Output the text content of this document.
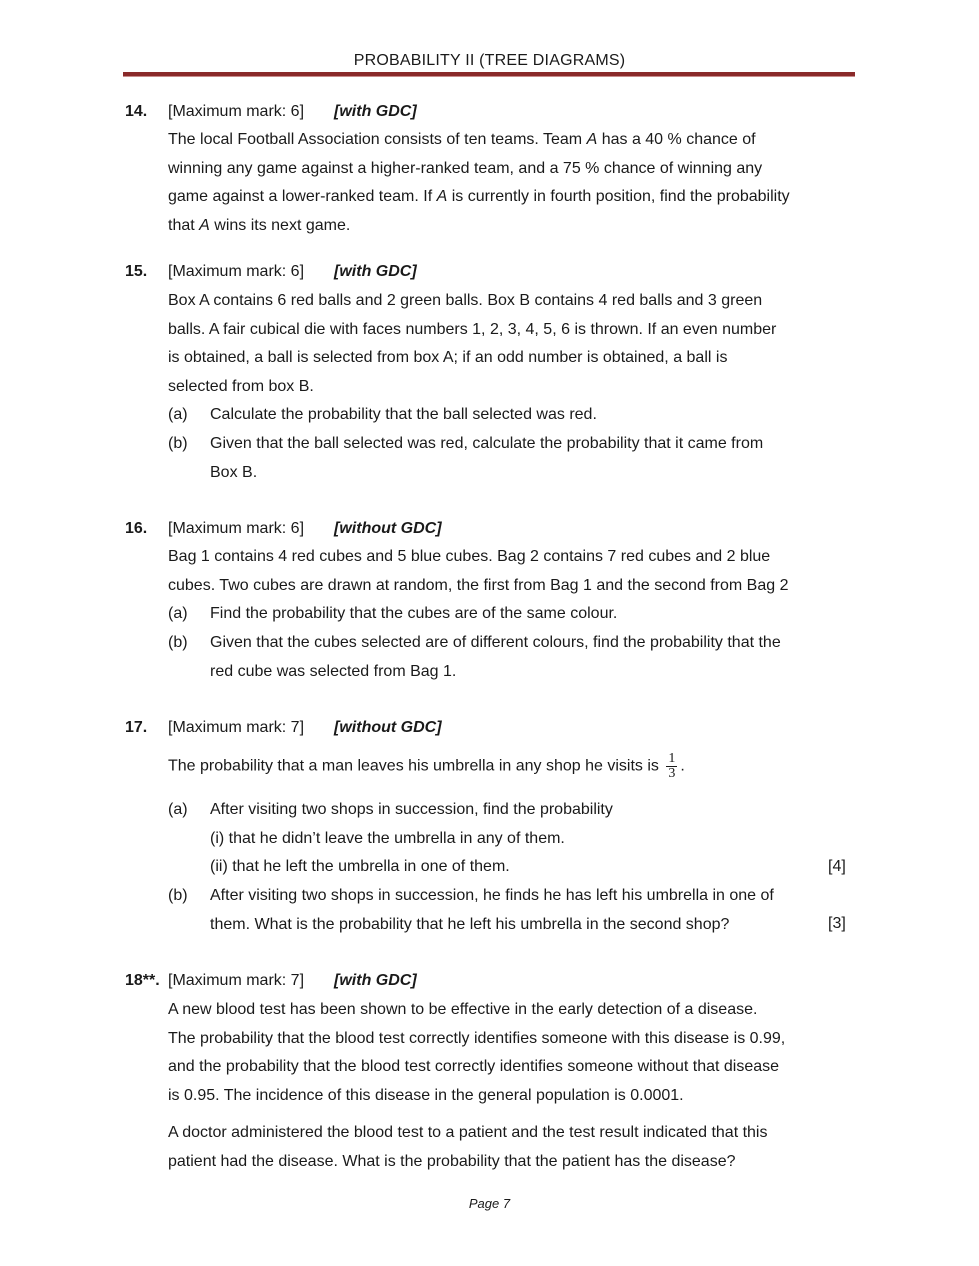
PROBABILITY II (TREE DIAGRAMS)
14. [Maximum mark: 6] [with GDC]
The local Football Association consists of ten teams. Team A has a 40 % chance of
winning any game against a higher-ranked team, and a 75 % chance of winning any
game against a lower-ranked team. If A is currently in fourth position, find the probability
that A wins its next game.
15. [Maximum mark: 6] [with GDC]
Box A contains 6 red balls and 2 green balls. Box B contains 4 red balls and 3 green
balls. A fair cubical die with faces numbers 1, 2, 3, 4, 5, 6 is thrown. If an even number
is obtained, a ball is selected from box A; if an odd number is obtained, a ball is
selected from box B.
(a) Calculate the probability that the ball selected was red.
(b) Given that the ball selected was red, calculate the probability that it came from
Box B.
16. [Maximum mark: 6] [without GDC]
Bag 1 contains 4 red cubes and 5 blue cubes. Bag 2 contains 7 red cubes and 2 blue
cubes. Two cubes are drawn at random, the first from Bag 1 and the second from Bag 2
(a) Find the probability that the cubes are of the same colour.
(b) Given that the cubes selected are of different colours, find the probability that the
red cube was selected from Bag 1.
17. [Maximum mark: 7] [without GDC]
The probability that a man leaves his umbrella in any shop he visits is $\frac{1}{3}$ .
(a) After visiting two shops in succession, find the probability
(i) that he didn’t leave the umbrella in any of them.
(ii) that he left the umbrella in one of them.	[4]
(b) After visiting two shops in succession, he finds he has left his umbrella in one of
them. What is the probability that he left his umbrella in the second shop?	[3]
18**. [Maximum mark: 7] [with GDC]
A new blood test has been shown to be effective in the early detection of a disease.
The probability that the blood test correctly identifies someone with this disease is 0.99,
and the probability that the blood test correctly identifies someone without that disease
is 0.95. The incidence of this disease in the general population is 0.0001.
A doctor administered the blood test to a patient and the test result indicated that this
patient had the disease. What is the probability that the patient has the disease?
Page 7
